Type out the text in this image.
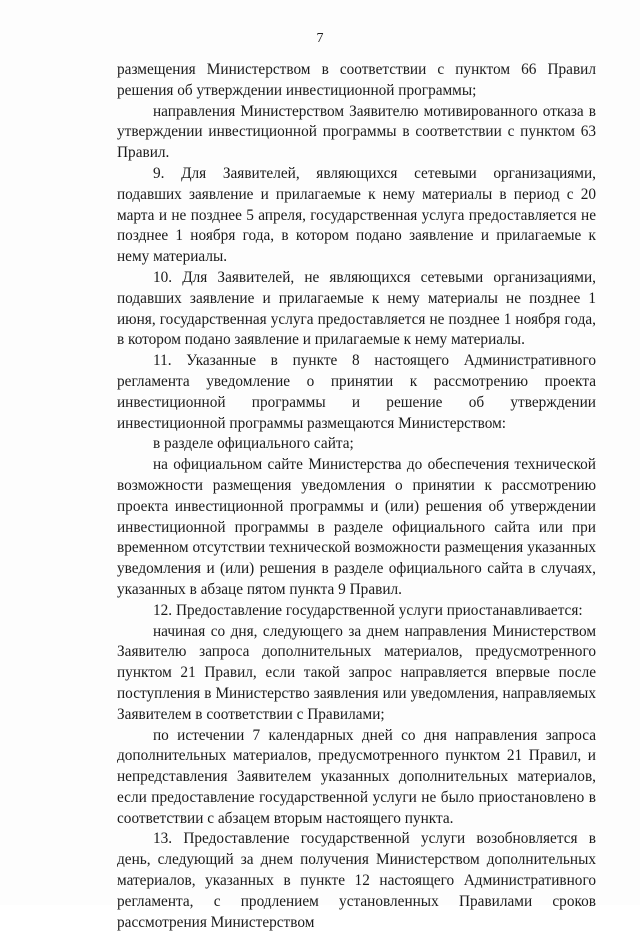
7

размещения Министерством в соответствии с пунктом 66 Правил решения об утверждении инвестиционной программы;

направления Министерством Заявителю мотивированного отказа в утверждении инвестиционной программы в соответствии с пунктом 63 Правил.

9. Для Заявителей, являющихся сетевыми организациями, подавших заявление и прилагаемые к нему материалы в период с 20 марта и не позднее 5 апреля, государственная услуга предоставляется не позднее 1 ноября года, в котором подано заявление и прилагаемые к нему материалы.

10. Для Заявителей, не являющихся сетевыми организациями, подавших заявление и прилагаемые к нему материалы не позднее 1 июня, государственная услуга предоставляется не позднее 1 ноября года, в котором подано заявление и прилагаемые к нему материалы.

11. Указанные в пункте 8 настоящего Административного регламента уведомление о принятии к рассмотрению проекта инвестиционной программы и решение об утверждении инвестиционной программы размещаются Министерством:

в разделе официального сайта;

на официальном сайте Министерства до обеспечения технической возможности размещения уведомления о принятии к рассмотрению проекта инвестиционной программы и (или) решения об утверждении инвестиционной программы в разделе официального сайта или при временном отсутствии технической возможности размещения указанных уведомления и (или) решения в разделе официального сайта в случаях, указанных в абзаце пятом пункта 9 Правил.

12. Предоставление государственной услуги приостанавливается:

начиная со дня, следующего за днем направления Министерством Заявителю запроса дополнительных материалов, предусмотренного пунктом 21 Правил, если такой запрос направляется впервые после поступления в Министерство заявления или уведомления, направляемых Заявителем в соответствии с Правилами;

по истечении 7 календарных дней со дня направления запроса дополнительных материалов, предусмотренного пунктом 21 Правил, и непредставления Заявителем указанных дополнительных материалов, если предоставление государственной услуги не было приостановлено в соответствии с абзацем вторым настоящего пункта.

13. Предоставление государственной услуги возобновляется в день, следующий за днем получения Министерством дополнительных материалов, указанных в пункте 12 настоящего Административного регламента, с продлением установленных Правилами сроков рассмотрения Министерством
